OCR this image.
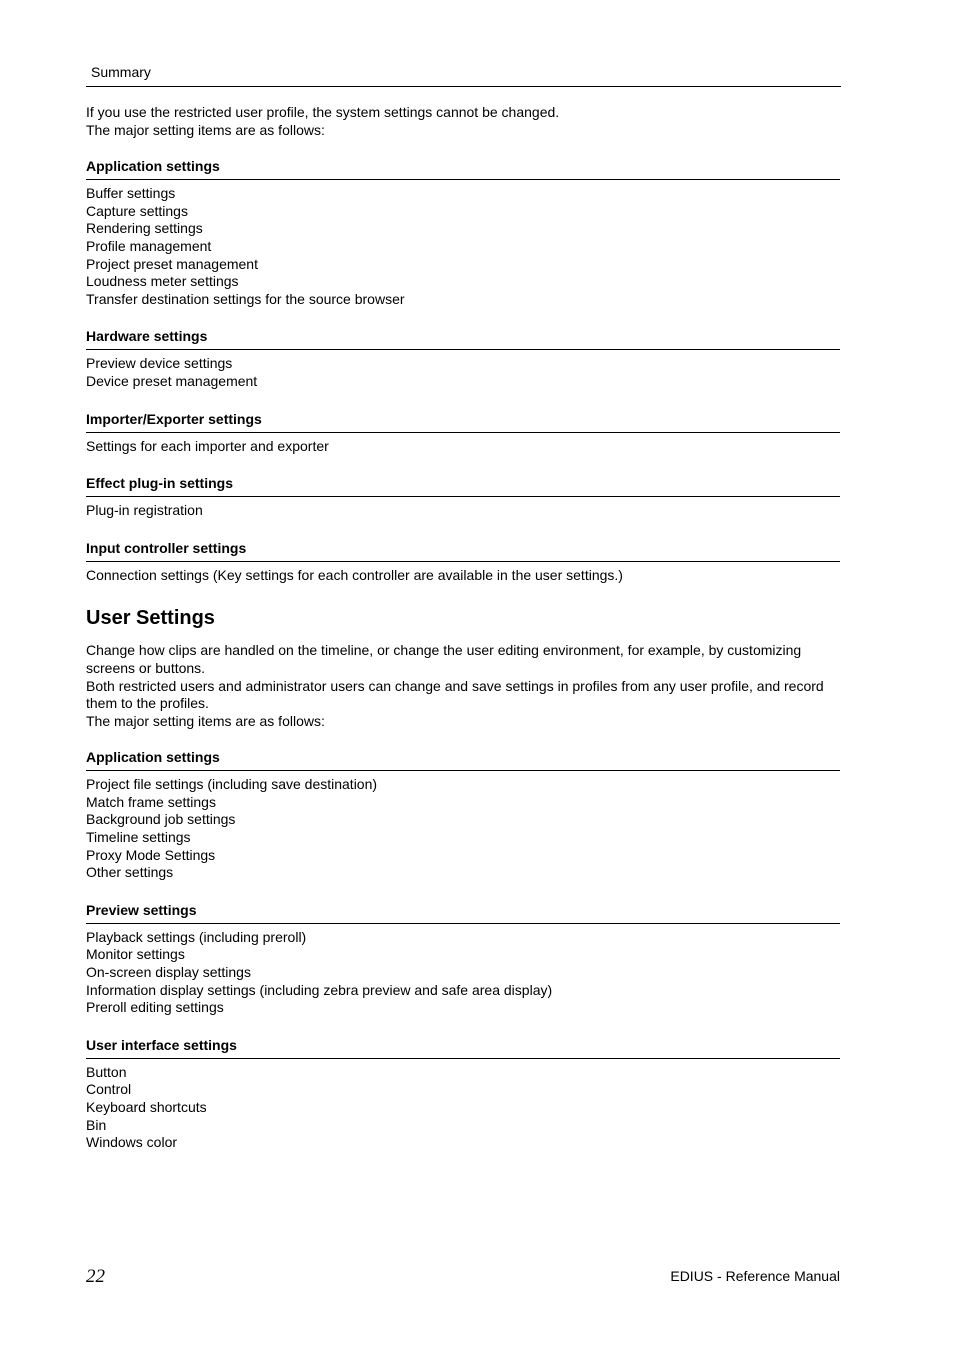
Summary

If you use the restricted user profile, the system settings cannot be changed.

The major setting items are as follows:

Application settings
Buffer settings
Capture settings
Rendering settings
Profile management
Project preset management
Loudness meter settings
Transfer destination settings for the source browser
Hardware settings
Preview device settings
Device preset management
Importer/Exporter settings
Settings for each importer and exporter
Effect plug-in settings
Plug-in registration
Input controller settings
Connection settings (Key settings for each controller are available in the user settings.)
User Settings

Change how clips are handled on the timeline, or change the user editing environment, for example, by customizing screens or buttons.

Both restricted users and administrator users can change and save settings in profiles from any user profile, and record them to the profiles.

The major setting items are as follows:

Application settings
Project file settings (including save destination)
Match frame settings
Background job settings
Timeline settings
Proxy Mode Settings
Other settings
Preview settings
Playback settings (including preroll)
Monitor settings
On-screen display settings
Information display settings (including zebra preview and safe area display)
Preroll editing settings
User interface settings
Button
Control
Keyboard shortcuts
Bin
Windows color
22	EDIUS - Reference Manual
